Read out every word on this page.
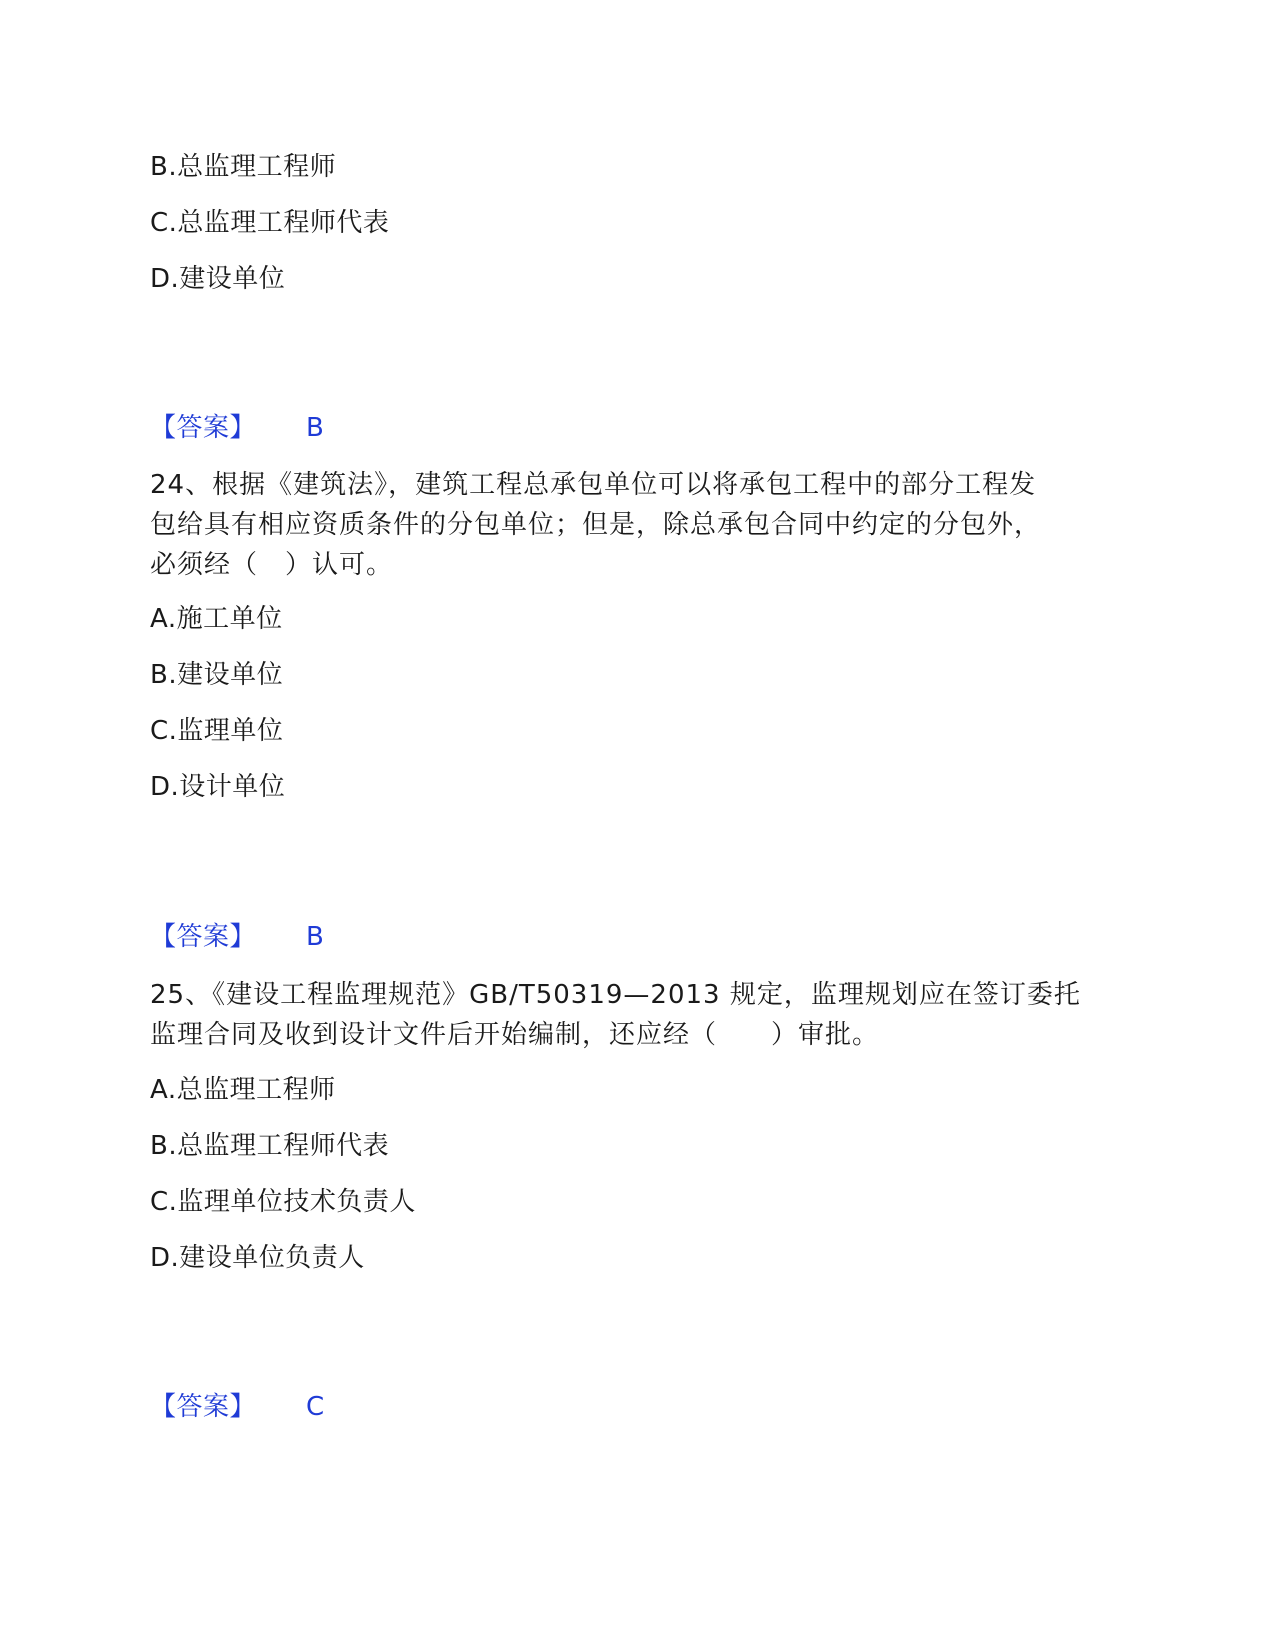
B.总监理工程师
C.总监理工程师代表
D.建设单位
【答案】 B
24、根据《建筑法》，建筑工程总承包单位可以将承包工程中的部分工程发
包给具有相应资质条件的分包单位；但是，除总承包合同中约定的分包外，
必须经（　）认可。
A.施工单位
B.建设单位
C.监理单位
D.设计单位
【答案】 B
25、《建设工程监理规范》GB/T50319—2013 规定，监理规划应在签订委托
监理合同及收到设计文件后开始编制，还应经（　　）审批。
A.总监理工程师
B.总监理工程师代表
C.监理单位技术负责人
D.建设单位负责人
【答案】 C
